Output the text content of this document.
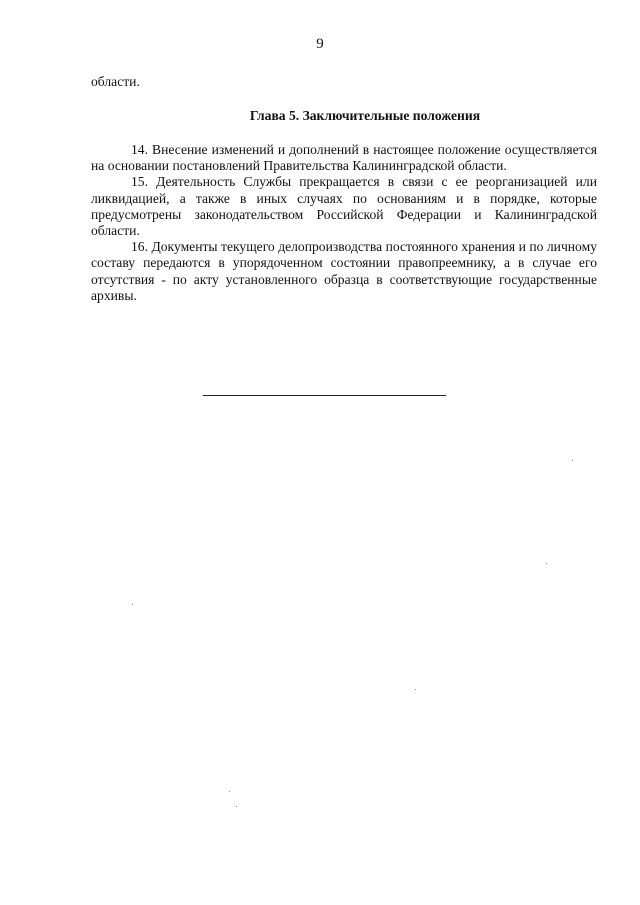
9
области.
Глава 5. Заключительные положения

14. Внесение изменений и дополнений в настоящее положение осуществляется на основании постановлений Правительства Калининградской области.

15. Деятельность Службы прекращается в связи с ее реорганизацией или ликвидацией, а также в иных случаях по основаниям и в порядке, которые предусмотрены законодательством Российской Федерации и Калининградской области.

16. Документы текущего делопроизводства постоянного хранения и по личному составу передаются в упорядоченном состоянии правопреемнику, а в случае его отсутствия - по акту установленного образца в соответствующие государственные архивы.
